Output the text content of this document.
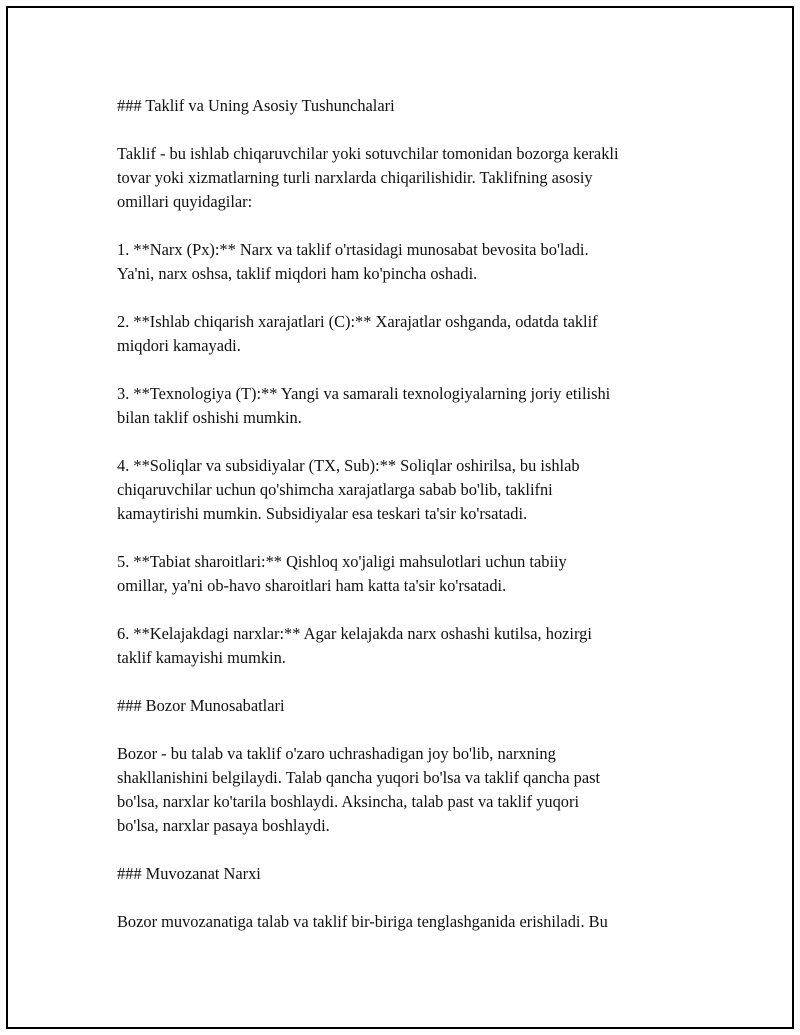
### Taklif va Uning Asosiy Tushunchalari

Taklif - bu ishlab chiqaruvchilar yoki sotuvchilar tomonidan bozorga kerakli
tovar yoki xizmatlarning turli narxlarda chiqarilishidir. Taklifning asosiy
omillari quyidagilar:

1. **Narx (Px):** Narx va taklif o'rtasidagi munosabat bevosita bo'ladi.
Ya'ni, narx oshsa, taklif miqdori ham ko'pincha oshadi.

2. **Ishlab chiqarish xarajatlari (C):** Xarajatlar oshganda, odatda taklif
miqdori kamayadi.

3. **Texnologiya (T):** Yangi va samarali texnologiyalarning joriy etilishi
bilan taklif oshishi mumkin.

4. **Soliqlar va subsidiyalar (TX, Sub):** Soliqlar oshirilsa, bu ishlab
chiqaruvchilar uchun qo'shimcha xarajatlarga sabab bo'lib, taklifni
kamaytirishi mumkin. Subsidiyalar esa teskari ta'sir ko'rsatadi.

5. **Tabiat sharoitlari:** Qishloq xo'jaligi mahsulotlari uchun tabiiy
omillar, ya'ni ob-havo sharoitlari ham katta ta'sir ko'rsatadi.

6. **Kelajakdagi narxlar:** Agar kelajakda narx oshashi kutilsa, hozirgi
taklif kamayishi mumkin.

### Bozor Munosabatlari

Bozor - bu talab va taklif o'zaro uchrashadigan joy bo'lib, narxning
shakllanishini belgilaydi. Talab qancha yuqori bo'lsa va taklif qancha past
bo'lsa, narxlar ko'tarila boshlaydi. Aksincha, talab past va taklif yuqori
bo'lsa, narxlar pasaya boshlaydi.

### Muvozanat Narxi

Bozor muvozanatiga talab va taklif bir-biriga tenglashganida erishiladi. Bu
